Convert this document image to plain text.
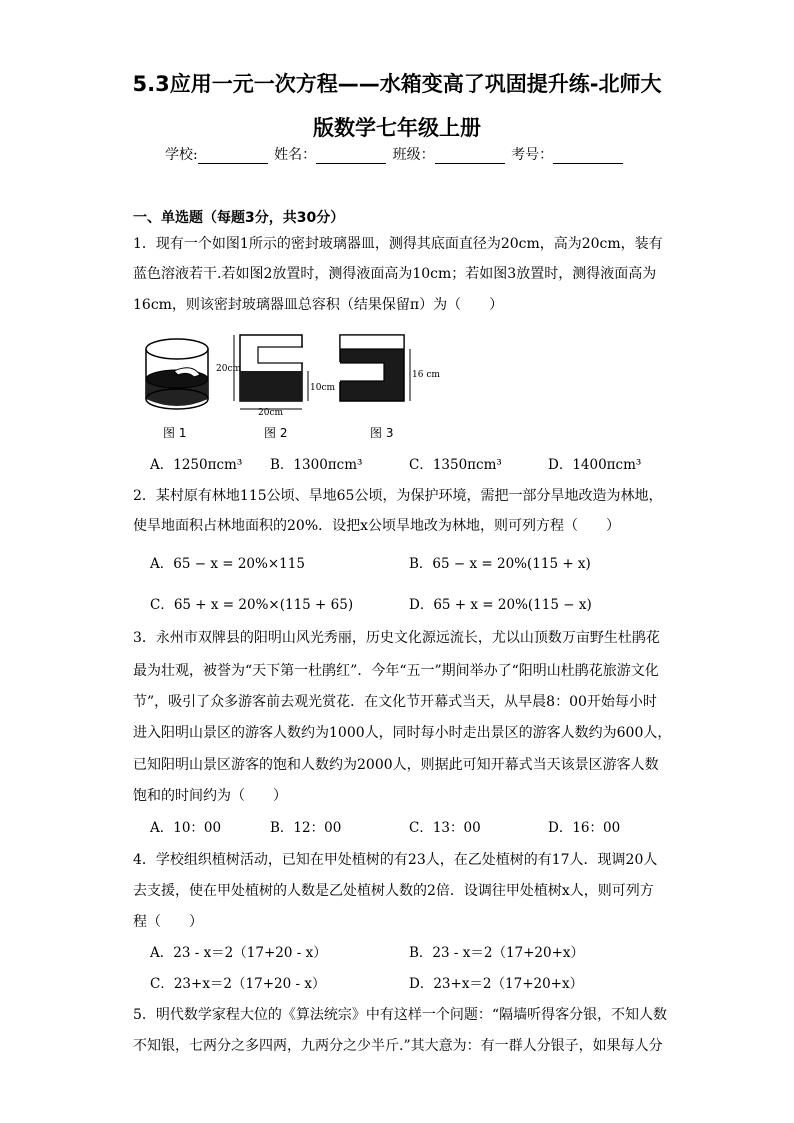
5.3应用一元一次方程——水箱变高了巩固提升练-北师大
版数学七年级上册
学校:	姓名：	班级：	考号：
一、单选题（每题3分，共30分）
1．现有一个如图1所示的密封玻璃器皿，测得其底面直径为20cm，高为20cm，装有
蓝色溶液若干.若如图2放置时，测得液面高为10cm；若如图3放置时，测得液面高为
16cm，则该密封玻璃器皿总容积（结果保留π）为（　　）
20cm
10cm
20cm
16 cm
图 1	图 2	图 3
A．1250πcm³ B．1300πcm³	C．1350πcm³	D．1400πcm³
2．某村原有林地115公顷、旱地65公顷，为保护环境，需把一部分旱地改造为林地，
使旱地面积占林地面积的20%．设把x公顷旱地改为林地，则可列方程（　　）
A．65 − x = 20%×115	B．65 − x = 20%(115 + x)
C．65 + x = 20%×(115 + 65)	D．65 + x = 20%(115 − x)
3．永州市双牌县的阳明山风光秀丽，历史文化源远流长，尤以山顶数万亩野生杜鹃花
最为壮观，被誉为“天下第一杜鹃红”．今年“五一”期间举办了“阳明山杜鹃花旅游文化
节”，吸引了众多游客前去观光赏花．在文化节开幕式当天，从早晨8：00开始每小时
进入阳明山景区的游客人数约为1000人，同时每小时走出景区的游客人数约为600人，
已知阳明山景区游客的饱和人数约为2000人，则据此可知开幕式当天该景区游客人数
饱和的时间约为（　　）
A．10：00	B．12：00	C．13：00	D．16：00
4．学校组织植树活动，已知在甲处植树的有23人，在乙处植树的有17人．现调20人
去支援，使在甲处植树的人数是乙处植树人数的2倍．设调往甲处植树x人，则可列方
程（　　）
A．23 - x＝2（17+20 - x）	B．23 - x＝2（17+20+x）
C．23+x＝2（17+20 - x）	D．23+x＝2（17+20+x）
5．明代数学家程大位的《算法统宗》中有这样一个问题：“隔墙听得客分银，不知人数
不知银，七两分之多四两，九两分之少半斤.”其大意为：有一群人分银子，如果每人分
